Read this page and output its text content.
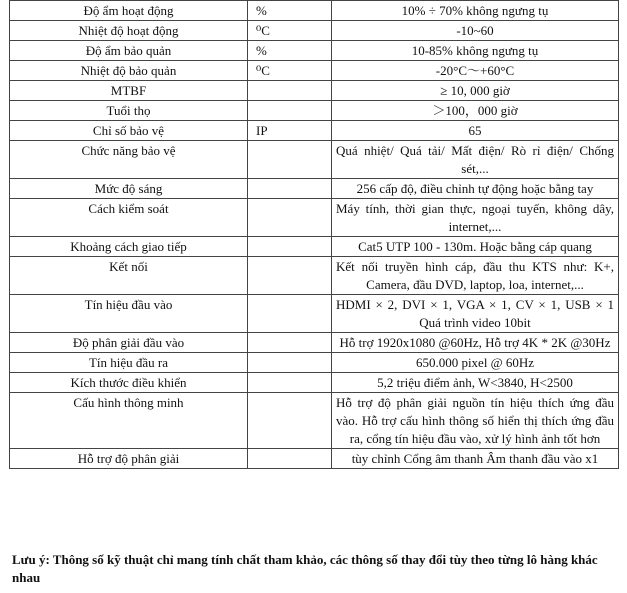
Độ ẩm hoạt động	%	10% ÷ 70% không ngưng tụ
Nhiệt độ hoạt động	⁰C	-10~60
Độ ẩm bảo quản	%	10-85% không ngưng tụ
Nhiệt độ bảo quản	⁰C	-20°C～+60°C
MTBF		≥ 10, 000 giờ
Tuổi thọ		＞100，000 giờ
Chỉ số bảo vệ	IP	65
Chức năng bảo vệ		Quá nhiệt/ Quá tải/ Mất điện/ Rò rỉ điện/ Chống sét,...
Mức độ sáng		256 cấp độ, điều chỉnh tự động hoặc bằng tay
Cách kiểm soát		Máy tính, thời gian thực, ngoại tuyến, không dây, internet,...
Khoảng cách giao tiếp		Cat5 UTP 100 - 130m. Hoặc bằng cáp quang
Kết nối		Kết nối truyền hình cáp, đầu thu KTS như: K+, Camera, đầu DVD, laptop, loa, internet,...
Tín hiệu đầu vào		HDMI × 2, DVI × 1, VGA × 1, CV × 1, USB × 1 Quá trình video 10bit
Độ phân giải đầu vào		Hỗ trợ 1920x1080 @60Hz, Hỗ trợ 4K * 2K @30Hz
Tín hiệu đầu ra		650.000 pixel @ 60Hz
Kích thước điều khiển		5,2 triệu điểm ảnh, W<3840, H<2500
Cấu hình thông minh		Hỗ trợ độ phân giải nguồn tín hiệu thích ứng đầu vào. Hỗ trợ cấu hình thông số hiển thị thích ứng đầu ra, cổng tín hiệu đầu vào, xử lý hình ảnh tốt hơn
Hỗ trợ độ phân giải		tùy chỉnh Cổng âm thanh Âm thanh đầu vào x1
Lưu ý: Thông số kỹ thuật chỉ mang tính chất tham khảo, các thông số thay đổi tùy theo từng lô hàng khác nhau
